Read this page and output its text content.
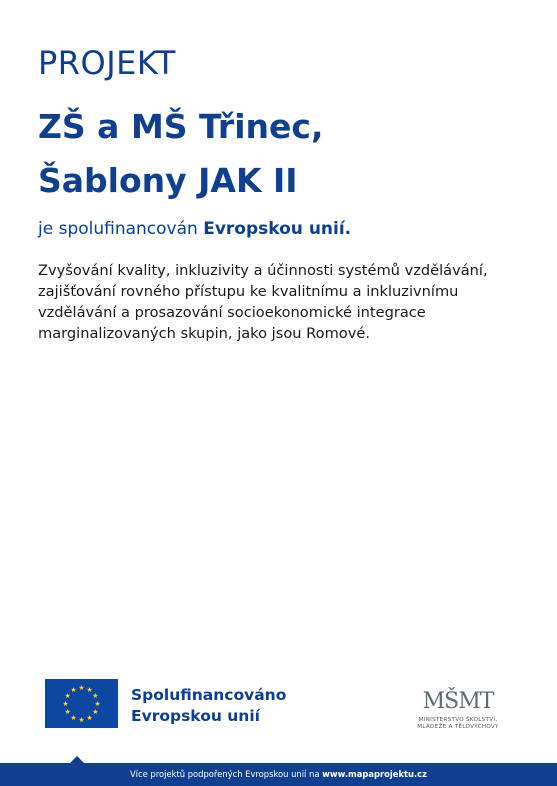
PROJEKT
ZŠ a MŠ Třinec,
Šablony JAK II
je spolufinancován Evropskou unií.
Zvyšování kvality, inkluzivity a účinnosti systémů vzdělávání,
zajišťování rovného přístupu ke kvalitnímu a inkluzivnímu
vzdělávání a prosazování socioekonomické integrace
marginalizovaných skupin, jako jsou Romové.
★ ★
★
★
★
★
★
★
★
★
★
★	Spolufinancováno
Evropskou unií
MŠMT
MINISTERSTVO ŠKOLSTVÍ,
MLÁDEŽE A TĚLOVÝCHOVY
Více projektů podpořených Evropskou unií na www.mapaprojektu.cz
